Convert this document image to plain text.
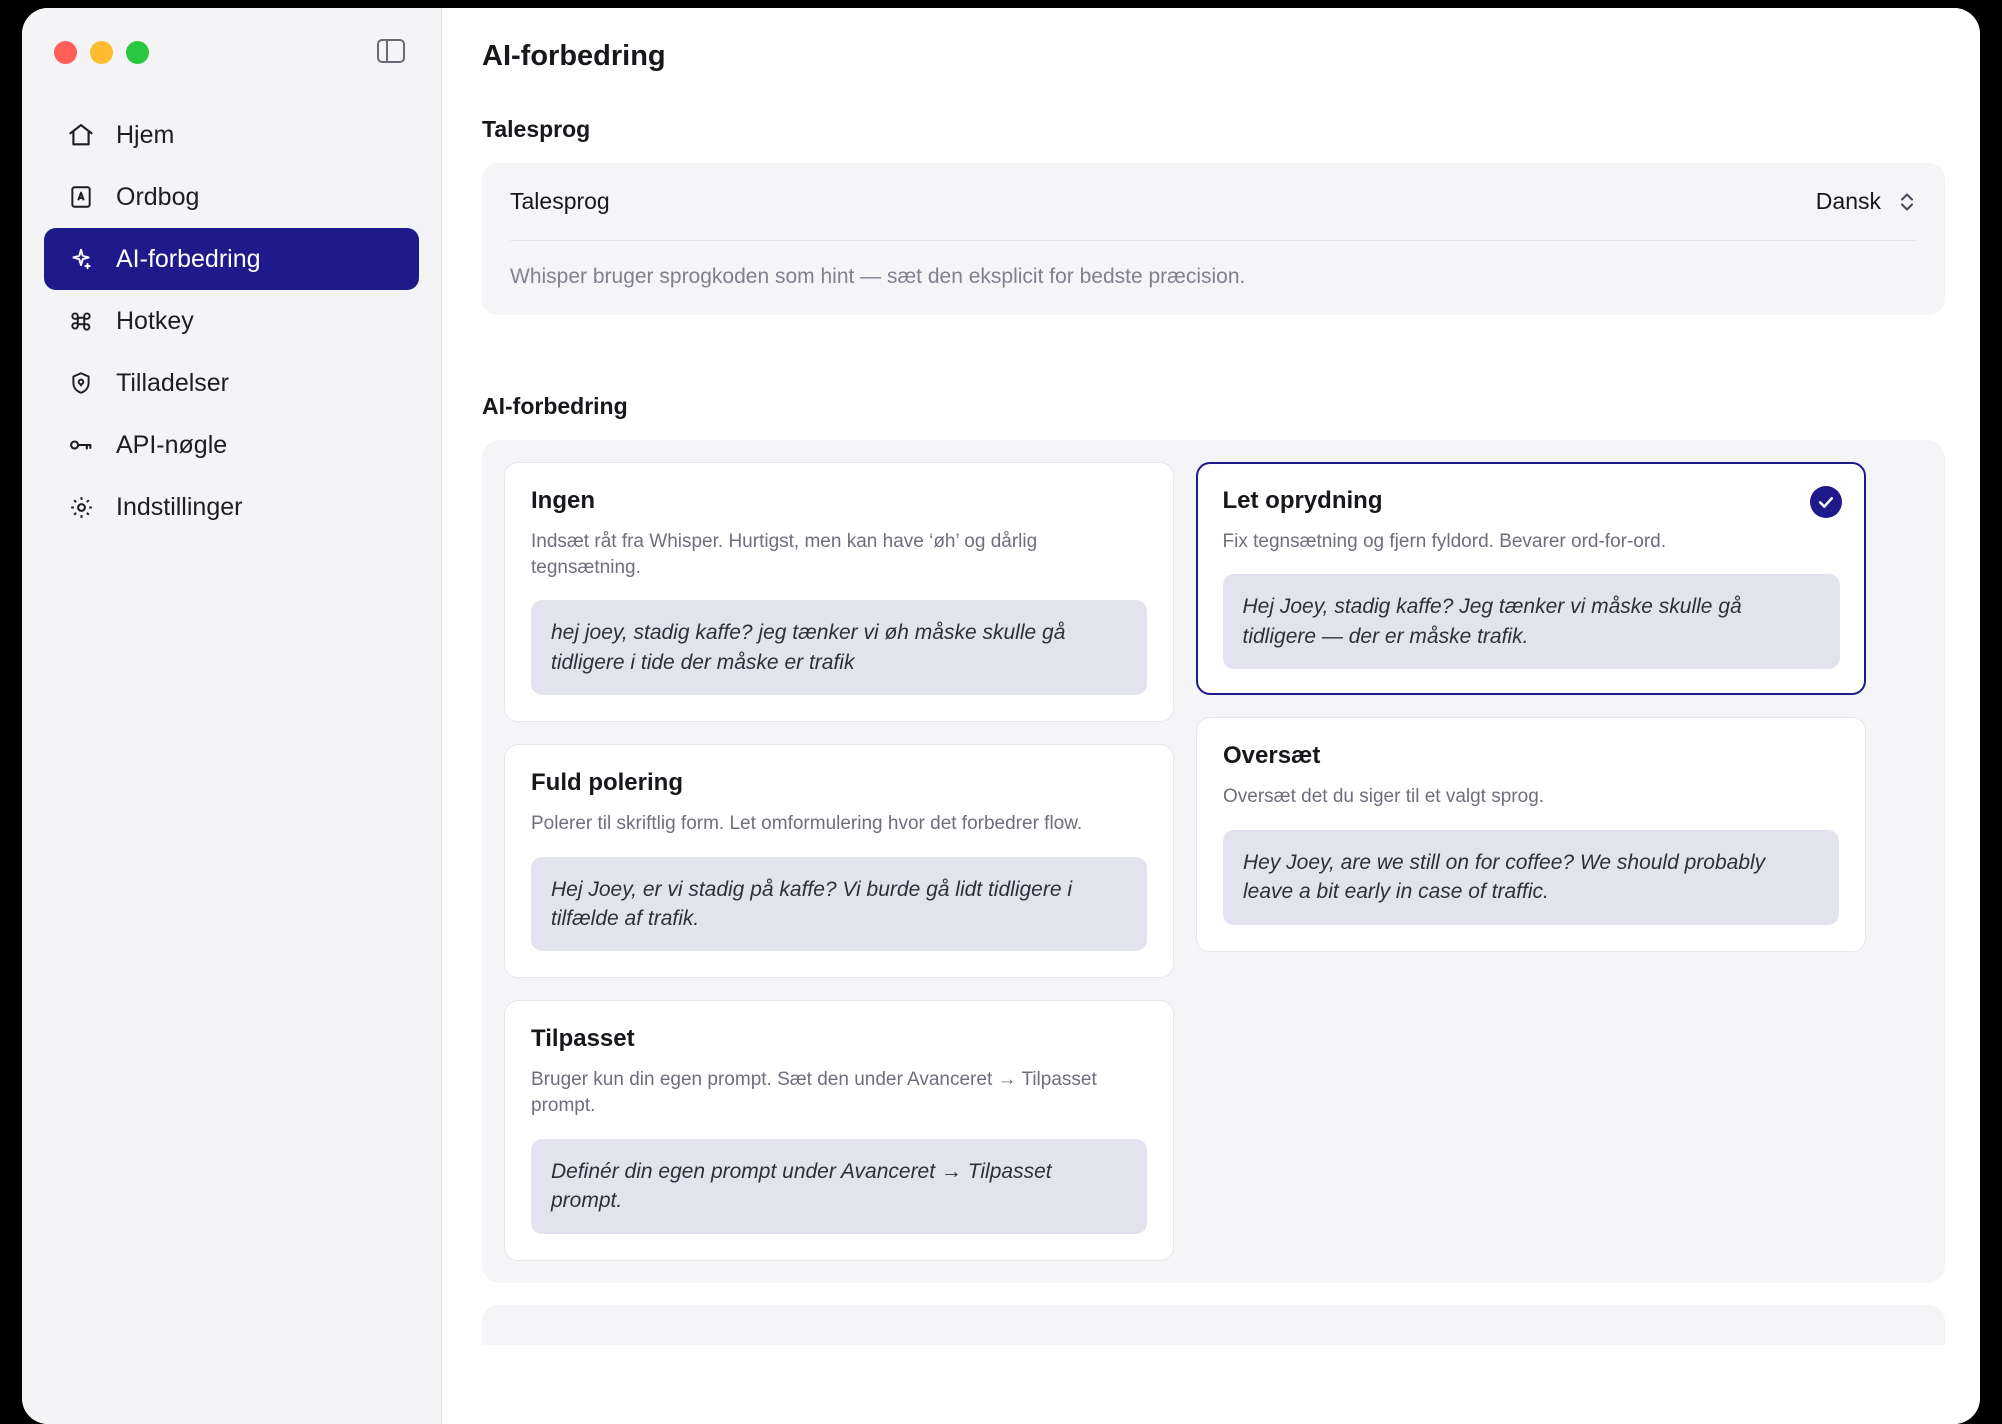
Hjem
Ordbog
AI-forbedring
Hotkey
Tilladelser
API-nøgle
Indstillinger
AI-forbedring
Talesprog
Talesprog	Dansk
Whisper bruger sprogkoden som hint — sæt den eksplicit for bedste præcision.
AI-forbedring
Ingen
Indsæt råt fra Whisper. Hurtigst, men kan have ‘øh’ og dårlig tegnsætning.
hej joey, stadig kaffe? jeg tænker vi øh måske skulle gå tidligere i tide der måske er trafik
Fuld polering
Polerer til skriftlig form. Let omformulering hvor det forbedrer flow.
Hej Joey, er vi stadig på kaffe? Vi burde gå lidt tidligere i tilfælde af trafik.
Tilpasset
Bruger kun din egen prompt. Sæt den under Avanceret → Tilpasset prompt.
Definér din egen prompt under Avanceret → Tilpasset prompt.
Let oprydning
Fix tegnsætning og fjern fyldord. Bevarer ord-for-ord.
Hej Joey, stadig kaffe? Jeg tænker vi måske skulle gå tidligere — der er måske trafik.
Oversæt
Oversæt det du siger til et valgt sprog.
Hey Joey, are we still on for coffee? We should probably leave a bit early in case of traffic.
